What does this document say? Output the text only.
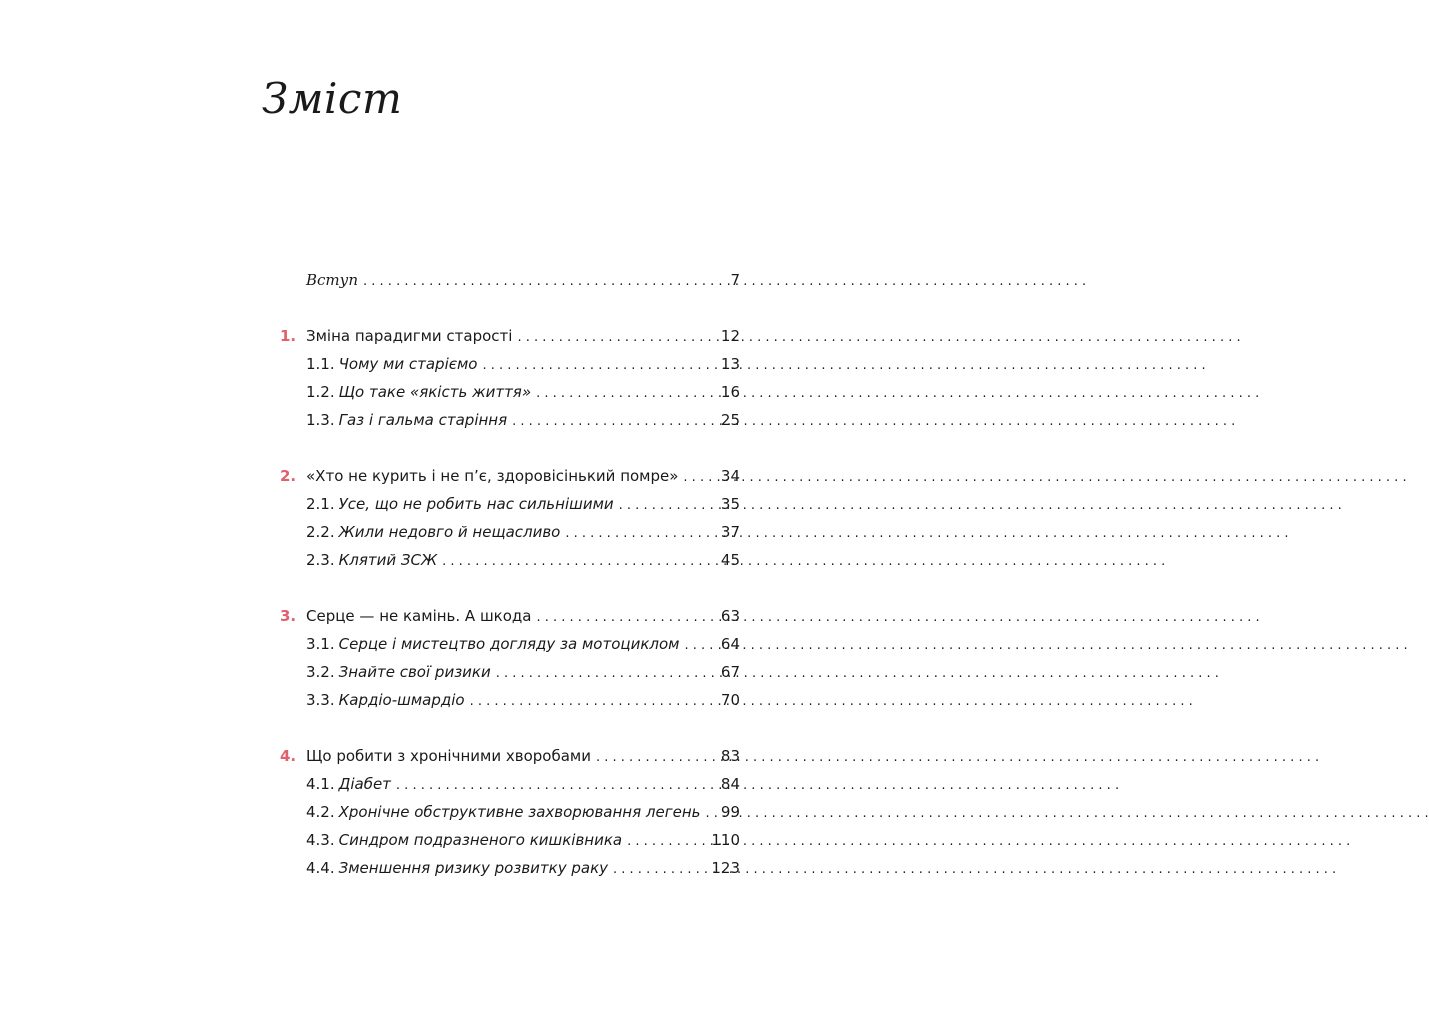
Зміст
Вступ . . .	7
1. Зміна парадигми старості . . .	12
1.1. Чому ми старіємо . . .	13
1.2. Що таке «якість життя» . . .	16
1.3. Газ і гальма старіння . . .	25
2. «Хто не курить і не п’є, здоровісінький помре» . . .	34
2.1. Усе, що не робить нас сильнішими . . .	35
2.2. Жили недовго й нещасливо . . .	37
2.3. Клятий ЗСЖ . . .	45
3. Серце — не камінь. А шкода . . .	63
3.1. Серце і мистецтво догляду за мотоциклом . . .	64
3.2. Знайте свої ризики . . .	67
3.3. Кардіо-шмардіо . . .	70
4. Що робити з хронічними хворобами . . .	83
4.1. Діабет . . .	84
4.2. Хронічне обструктивне захворювання легень . . . 99
4.3. Синдром подразненого кишківника . . .	110
4.4. Зменшення ризику розвитку раку . . .	123
